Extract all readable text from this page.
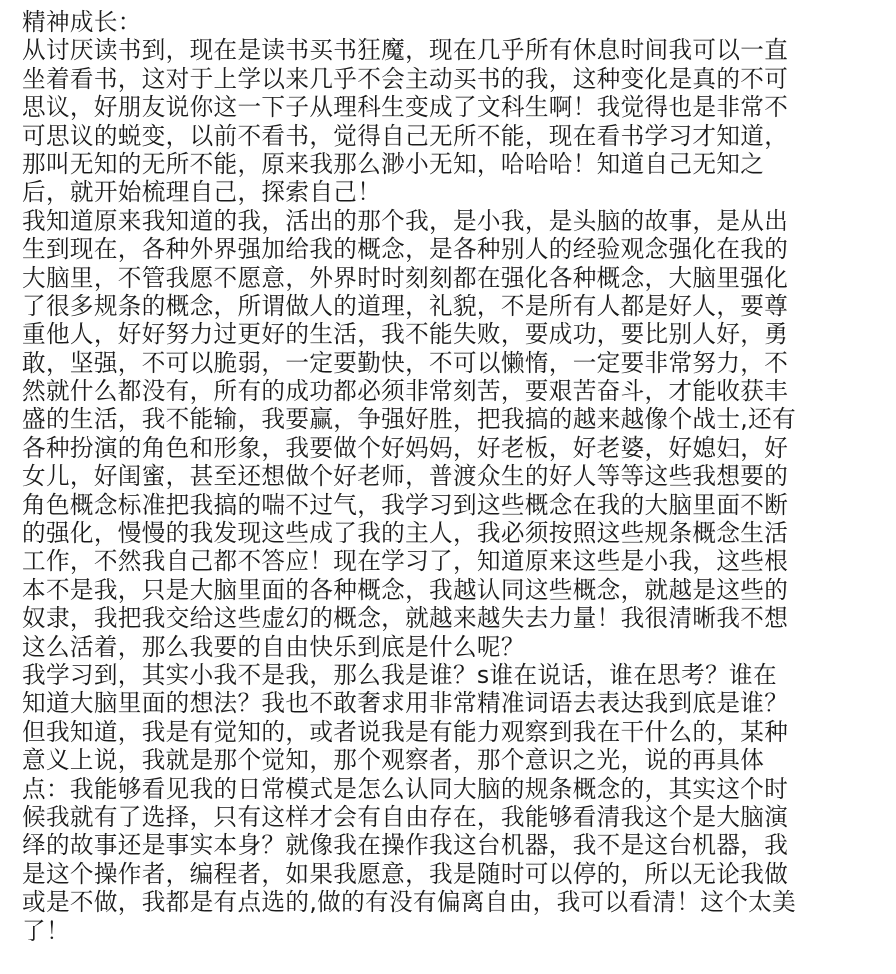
精神成长：
从讨厌读书到，现在是读书买书狂魔，现在几乎所有休息时间我可以一直
坐着看书，这对于上学以来几乎不会主动买书的我，这种变化是真的不可
思议，好朋友说你这一下子从理科生变成了文科生啊！我觉得也是非常不
可思议的蜕变，以前不看书，觉得自己无所不能，现在看书学习才知道，
那叫无知的无所不能，原来我那么渺小无知，哈哈哈！知道自己无知之
后，就开始梳理自己，探索自己！
我知道原来我知道的我，活出的那个我，是小我，是头脑的故事，是从出
生到现在，各种外界强加给我的概念，是各种别人的经验观念强化在我的
大脑里，不管我愿不愿意，外界时时刻刻都在强化各种概念，大脑里强化
了很多规条的概念，所谓做人的道理，礼貌，不是所有人都是好人，要尊
重他人，好好努力过更好的生活，我不能失败，要成功，要比别人好，勇
敢，坚强，不可以脆弱，一定要勤快，不可以懒惰，一定要非常努力，不
然就什么都没有，所有的成功都必须非常刻苦，要艰苦奋斗，才能收获丰
盛的生活，我不能输，我要赢，争强好胜，把我搞的越来越像个战士,还有
各种扮演的角色和形象，我要做个好妈妈，好老板，好老婆，好媳妇，好
女儿，好闺蜜，甚至还想做个好老师，普渡众生的好人等等这些我想要的
角色概念标准把我搞的喘不过气，我学习到这些概念在我的大脑里面不断
的强化，慢慢的我发现这些成了我的主人，我必须按照这些规条概念生活
工作，不然我自己都不答应！现在学习了，知道原来这些是小我，这些根
本不是我，只是大脑里面的各种概念，我越认同这些概念，就越是这些的
奴隶，我把我交给这些虚幻的概念，就越来越失去力量！我很清晰我不想
这么活着，那么我要的自由快乐到底是什么呢？
我学习到，其实小我不是我，那么我是谁？s谁在说话，谁在思考？谁在
知道大脑里面的想法？我也不敢奢求用非常精准词语去表达我到底是谁？
但我知道，我是有觉知的，或者说我是有能力观察到我在干什么的，某种
意义上说，我就是那个觉知，那个观察者，那个意识之光，说的再具体
点：我能够看见我的日常模式是怎么认同大脑的规条概念的，其实这个时
候我就有了选择，只有这样才会有自由存在，我能够看清我这个是大脑演
绎的故事还是事实本身？就像我在操作我这台机器，我不是这台机器，我
是这个操作者，编程者，如果我愿意，我是随时可以停的，所以无论我做
或是不做，我都是有点选的,做的有没有偏离自由，我可以看清！这个太美
了！
